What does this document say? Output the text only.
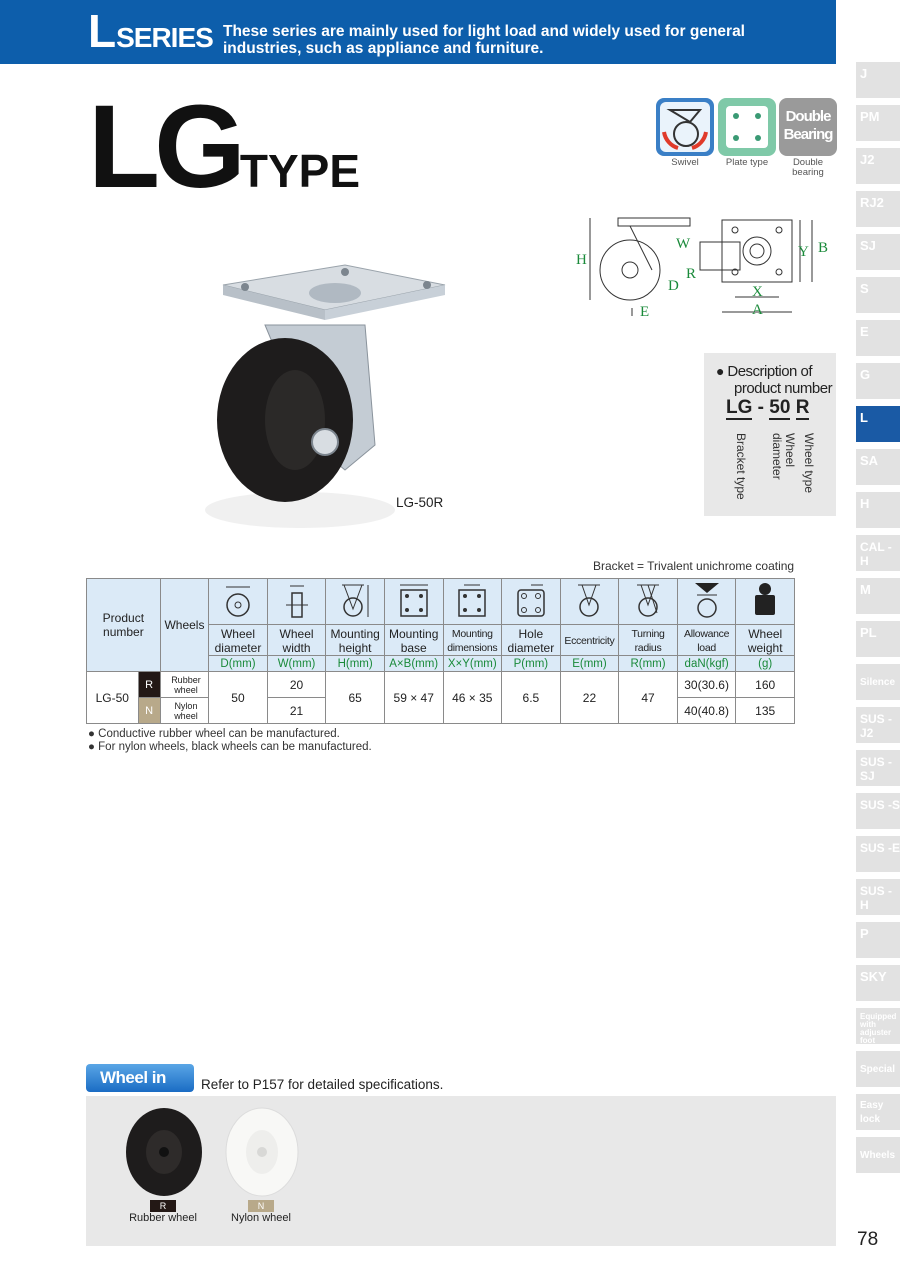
LSERIES These series are mainly used for light load and widely used for general industries, such as appliance and furniture.
LGTYPE	Swivel	Plate type
Double
Bearing
Double bearing
LG-50R
H
W
D
R
E
X
A
Y B
● Description of
product number
LG - 50 R
Bracket type	Wheel diameter	Wheel type
Bracket = Trivalent unichrome coating
Product number		Wheels										
			Wheel diameter	Wheel width	Mounting height	Mounting base	Mounting dimensions	Hole diameter	Eccentricity	Turning radius	Allowance load	Wheel weight
			D(mm)	W(mm)	H(mm)	A×B(mm)	X×Y(mm)	P(mm)	E(mm)	R(mm)	daN(kgf)	(g)
LG-50	R	Rubber wheel	50	20	65	59 × 47	46 × 35	6.5	22	47	30(30.6)	160
	N	Nylon wheel		21							40(40.8)	135
● Conductive rubber wheel can be manufactured.
● For nylon wheels, black wheels can be manufactured.
Wheel in	Refer to P157 for detailed specifications.
R
Rubber wheel
N
Nylon wheel
J
PM
J2
RJ2
SJ
S
E
G
L
SA
H
CAL -H
M
PL
Silence
SUS -J2
SUS -SJ
SUS -S
SUS -E
SUS -H
P
SKY
Equipped with adjuster foot
Special
Easy lock
Wheels
78
